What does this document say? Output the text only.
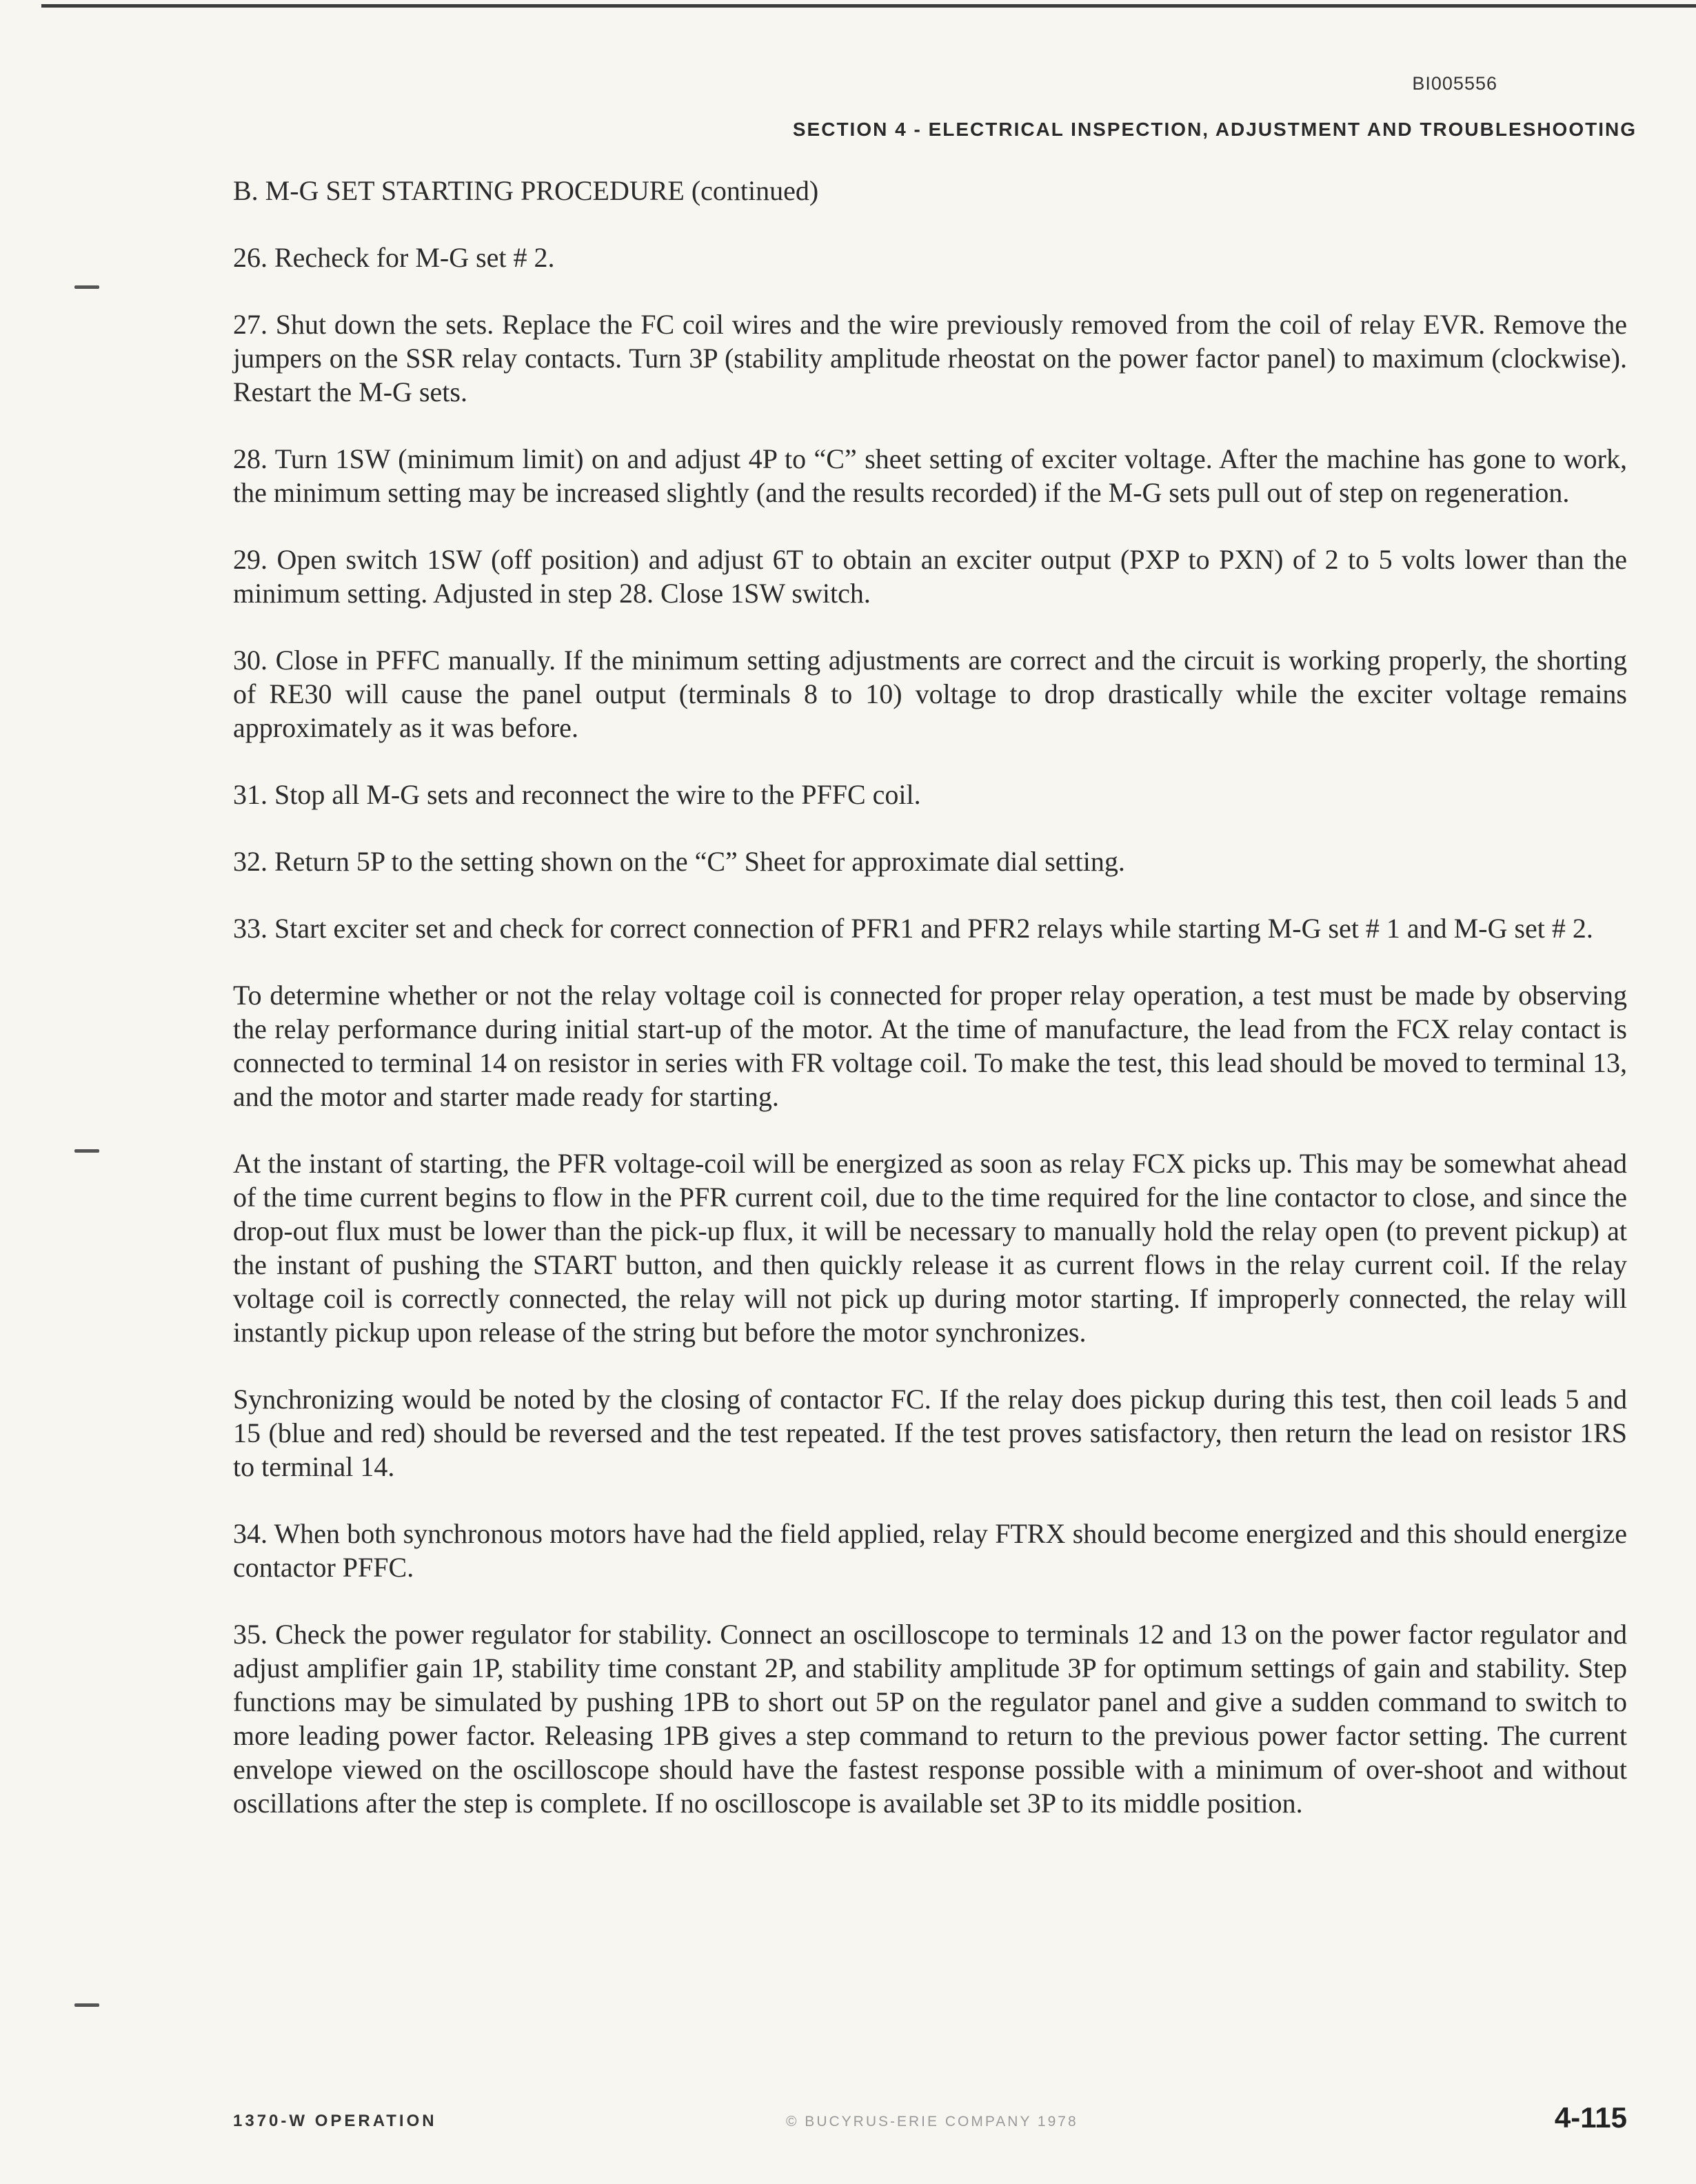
BI005556
SECTION 4 - ELECTRICAL INSPECTION, ADJUSTMENT AND TROUBLESHOOTING

B. M-G SET STARTING PROCEDURE (continued)

26. Recheck for M-G set # 2.

27. Shut down the sets. Replace the FC coil wires and the wire previously removed from the coil of relay EVR. Remove the jumpers on the SSR relay contacts. Turn 3P (stability amplitude rheostat on the power factor panel) to maximum (clockwise). Restart the M-G sets.

28. Turn 1SW (minimum limit) on and adjust 4P to “C” sheet setting of exciter voltage. After the machine has gone to work, the minimum setting may be increased slightly (and the results recorded) if the M-G sets pull out of step on regeneration.

29. Open switch 1SW (off position) and adjust 6T to obtain an exciter output (PXP to PXN) of 2 to 5 volts lower than the minimum setting. Adjusted in step 28. Close 1SW switch.

30. Close in PFFC manually. If the minimum setting adjustments are correct and the circuit is working properly, the shorting of RE30 will cause the panel output (terminals 8 to 10) voltage to drop drastically while the exciter voltage remains approximately as it was before.

31. Stop all M-G sets and reconnect the wire to the PFFC coil.

32. Return 5P to the setting shown on the “C” Sheet for approximate dial setting.

33. Start exciter set and check for correct connection of PFR1 and PFR2 relays while starting M-G set # 1 and M-G set # 2.

To determine whether or not the relay voltage coil is connected for proper relay operation, a test must be made by observing the relay performance during initial start-up of the motor. At the time of manufacture, the lead from the FCX relay contact is connected to terminal 14 on resistor in series with FR voltage coil. To make the test, this lead should be moved to terminal 13, and the motor and starter made ready for starting.

At the instant of starting, the PFR voltage-coil will be energized as soon as relay FCX picks up. This may be somewhat ahead of the time current begins to flow in the PFR current coil, due to the time required for the line contactor to close, and since the drop-out flux must be lower than the pick-up flux, it will be necessary to manually hold the relay open (to prevent pickup) at the instant of pushing the START button, and then quickly release it as current flows in the relay current coil. If the relay voltage coil is correctly connected, the relay will not pick up during motor starting. If improperly connected, the relay will instantly pickup upon release of the string but before the motor synchronizes.

Synchronizing would be noted by the closing of contactor FC. If the relay does pickup during this test, then coil leads 5 and 15 (blue and red) should be reversed and the test repeated. If the test proves satisfactory, then return the lead on resistor 1RS to terminal 14.

34. When both synchronous motors have had the field applied, relay FTRX should become energized and this should energize contactor PFFC.

35. Check the power regulator for stability. Connect an oscilloscope to terminals 12 and 13 on the power factor regulator and adjust amplifier gain 1P, stability time constant 2P, and stability amplitude 3P for optimum settings of gain and stability. Step functions may be simulated by pushing 1PB to short out 5P on the regulator panel and give a sudden command to switch to more leading power factor. Releasing 1PB gives a step command to return to the previous power factor setting. The current envelope viewed on the oscilloscope should have the fastest response possible with a minimum of over-shoot and without oscillations after the step is complete. If no oscilloscope is available set 3P to its middle position.

1370-W OPERATION	© BUCYRUS-ERIE COMPANY 1978	4-115
